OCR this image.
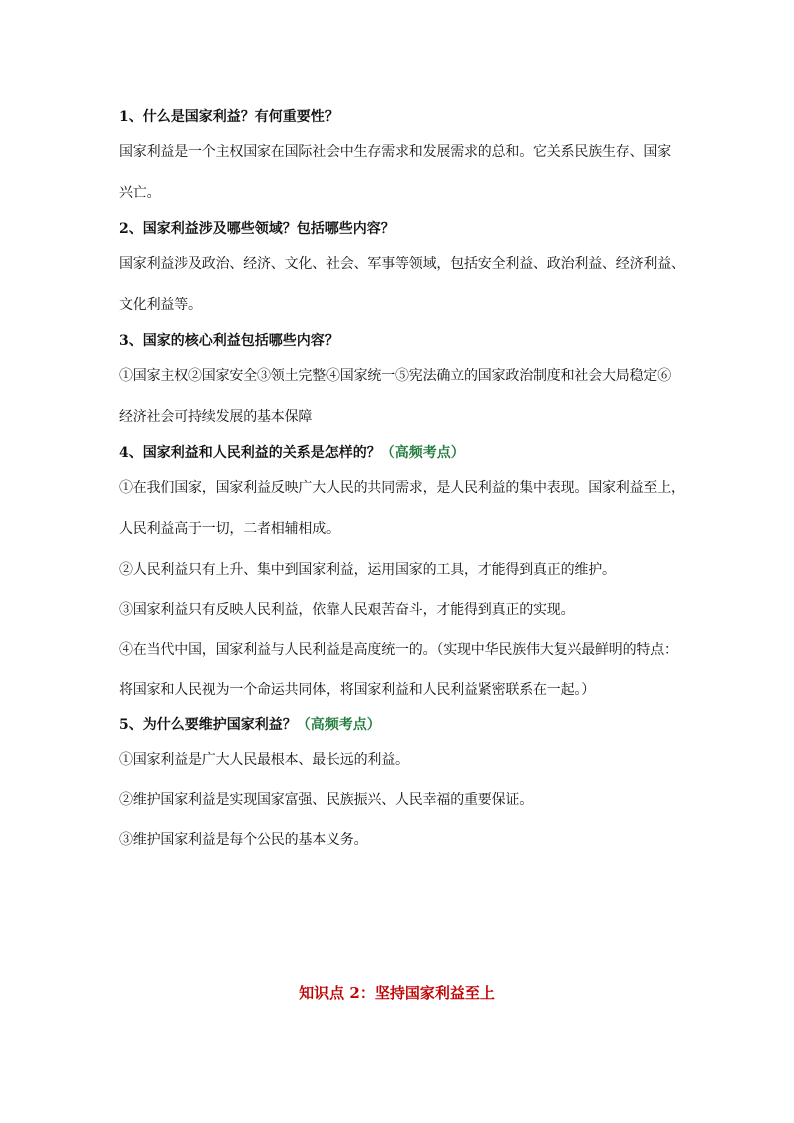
1、什么是国家利益？有何重要性？

国家利益是一个主权国家在国际社会中生存需求和发展需求的总和。它关系民族生存、国家

兴亡。

2、国家利益涉及哪些领域？包括哪些内容？

国家利益涉及政治、经济、文化、社会、军事等领域，包括安全利益、政治利益、经济利益、

文化利益等。

3、国家的核心利益包括哪些内容？

①国家主权②国家安全③领土完整④国家统一⑤宪法确立的国家政治制度和社会大局稳定⑥

经济社会可持续发展的基本保障

4、国家利益和人民利益的关系是怎样的？（高频考点）

①在我们国家，国家利益反映广大人民的共同需求，是人民利益的集中表现。国家利益至上，

人民利益高于一切，二者相辅相成。

②人民利益只有上升、集中到国家利益，运用国家的工具，才能得到真正的维护。

③国家利益只有反映人民利益，依靠人民艰苦奋斗，才能得到真正的实现。

④在当代中国，国家利益与人民利益是高度统一的。（实现中华民族伟大复兴最鲜明的特点：

将国家和人民视为一个命运共同体，将国家利益和人民利益紧密联系在一起。）

5、为什么要维护国家利益？（高频考点）

①国家利益是广大人民最根本、最长远的利益。

②维护国家利益是实现国家富强、民族振兴、人民幸福的重要保证。

③维护国家利益是每个公民的基本义务。

知识点 2：坚持国家利益至上
